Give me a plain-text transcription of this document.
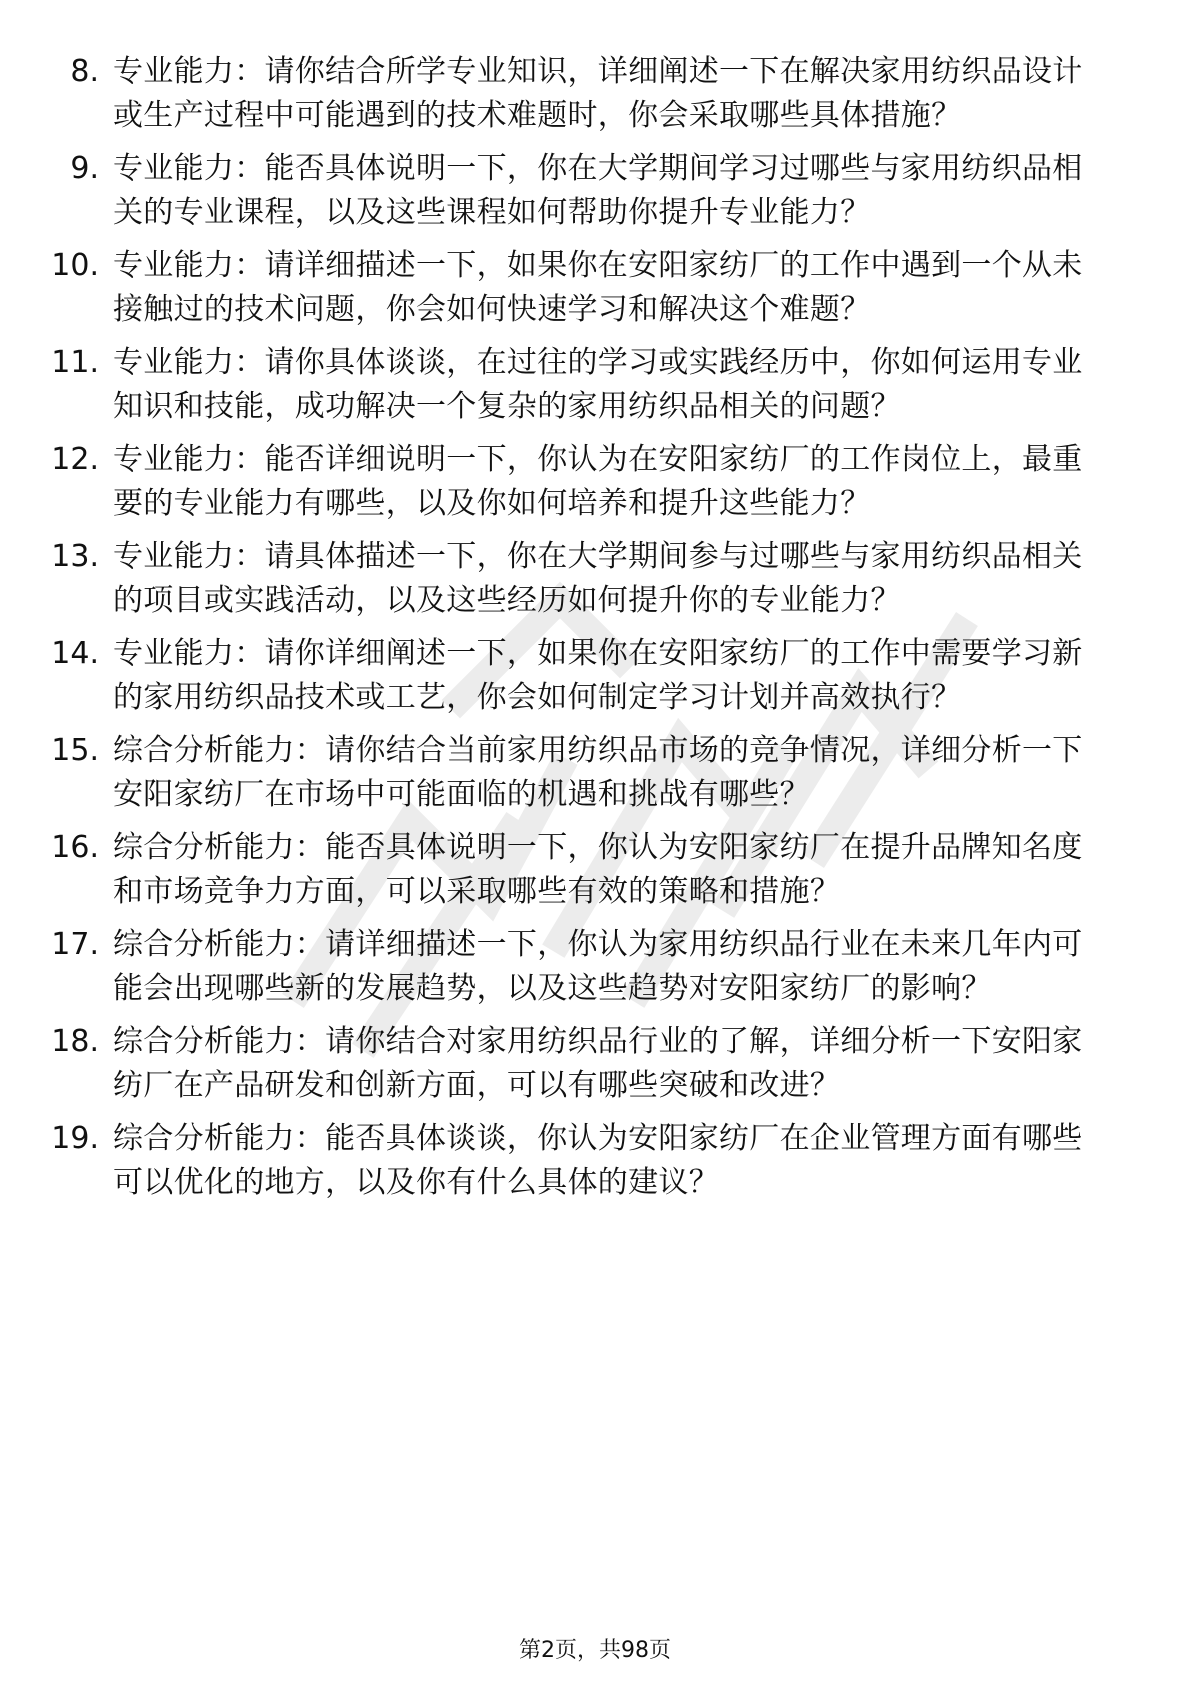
8. 专业能力：请你结合所学专业知识，详细阐述一下在解决家用纺织品设计或生产过程中可能遇到的技术难题时，你会采取哪些具体措施？
9. 专业能力：能否具体说明一下，你在大学期间学习过哪些与家用纺织品相关的专业课程，以及这些课程如何帮助你提升专业能力？
10. 专业能力：请详细描述一下，如果你在安阳家纺厂的工作中遇到一个从未接触过的技术问题，你会如何快速学习和解决这个难题？
11. 专业能力：请你具体谈谈，在过往的学习或实践经历中，你如何运用专业知识和技能，成功解决一个复杂的家用纺织品相关的问题？
12. 专业能力：能否详细说明一下，你认为在安阳家纺厂的工作岗位上，最重要的专业能力有哪些，以及你如何培养和提升这些能力？
13. 专业能力：请具体描述一下，你在大学期间参与过哪些与家用纺织品相关的项目或实践活动，以及这些经历如何提升你的专业能力？
14. 专业能力：请你详细阐述一下，如果你在安阳家纺厂的工作中需要学习新的家用纺织品技术或工艺，你会如何制定学习计划并高效执行？
15. 综合分析能力：请你结合当前家用纺织品市场的竞争情况，详细分析一下安阳家纺厂在市场中可能面临的机遇和挑战有哪些？
16. 综合分析能力：能否具体说明一下，你认为安阳家纺厂在提升品牌知名度和市场竞争力方面，可以采取哪些有效的策略和措施？
17. 综合分析能力：请详细描述一下，你认为家用纺织品行业在未来几年内可能会出现哪些新的发展趋势，以及这些趋势对安阳家纺厂的影响？
18. 综合分析能力：请你结合对家用纺织品行业的了解，详细分析一下安阳家纺厂在产品研发和创新方面，可以有哪些突破和改进？
19. 综合分析能力：能否具体谈谈，你认为安阳家纺厂在企业管理方面有哪些可以优化的地方，以及你有什么具体的建议？
第2页，共98页
